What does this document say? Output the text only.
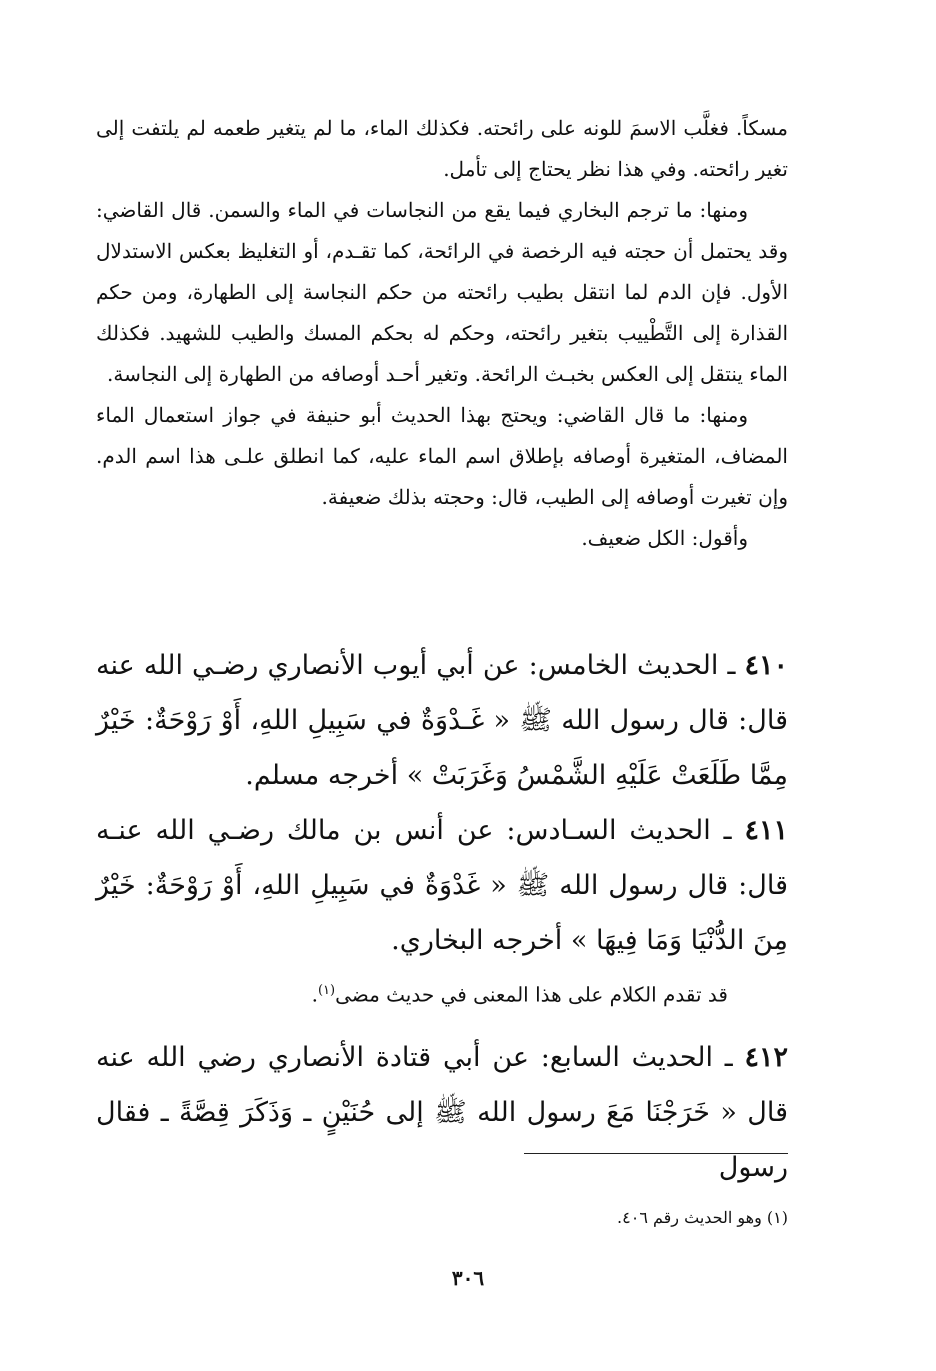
مسكاً. فغلَّب الاسمَ للونه على رائحته. فكذلك الماء، ما لم يتغير طعمه لم يلتفت إلى تغير رائحته. وفي هذا نظر يحتاج إلى تأمل.

ومنها: ما ترجم البخاري فيما يقع من النجاسات في الماء والسمن. قال القاضي: وقد يحتمل أن حجته فيه الرخصة في الرائحة، كما تقـدم، أو التغليظ بعكس الاستدلال الأول. فإن الدم لما انتقل بطيب رائحته من حكم النجاسة إلى الطهارة، ومن حكم القذارة إلى التَّطْييب بتغير رائحته، وحكم له بحكم المسك والطيب للشهيد. فكذلك الماء ينتقل إلى العكس بخبـث الرائحة. وتغير أحـد أوصافه من الطهارة إلى النجاسة.

ومنها: ما قال القاضي: ويحتج بهذا الحديث أبو حنيفة في جواز استعمال الماء المضاف، المتغيرة أوصافه بإطلاق اسم الماء عليه، كما انطلق علـى هذا اسم الدم. وإن تغيرت أوصافه إلى الطيب، قال: وحجته بذلك ضعيفة.

وأقول: الكل ضعيف.

٤١٠ ـ الحديث الخامس: عن أبي أيوب الأنصاري رضـي الله عنه قال: قال رسول الله ﷺ « غَـدْوَةٌ في سَبِيلِ اللهِ، أَوْ رَوْحَةٌ: خَيْرٌ مِمَّا طَلَعَتْ عَلَيْهِ الشَّمْسُ وَغَرَبَتْ » أخرجه مسلم.

٤١١ ـ الحديث السـادس: عن أنس بن مالك رضـي الله عنـه قال: قال رسول الله ﷺ « غَدْوَةٌ في سَبِيلِ اللهِ، أَوْ رَوْحَةٌ: خَيْرٌ مِنَ الدُّنْيَا وَمَا فِيهَا » أخرجه البخاري.

قد تقدم الكلام على هذا المعنى في حديث مضى$^{(١)}$.

٤١٢ ـ الحديث السابع: عن أبي قتادة الأنصاري رضي الله عنه قال « خَرَجْنَا مَعَ رسول الله ﷺ إلى حُنَيْنٍ ـ وَذَكَرَ قِصَّةً ـ فقال رسول

(١) وهو الحديث رقم ٤٠٦.
٣٠٦
